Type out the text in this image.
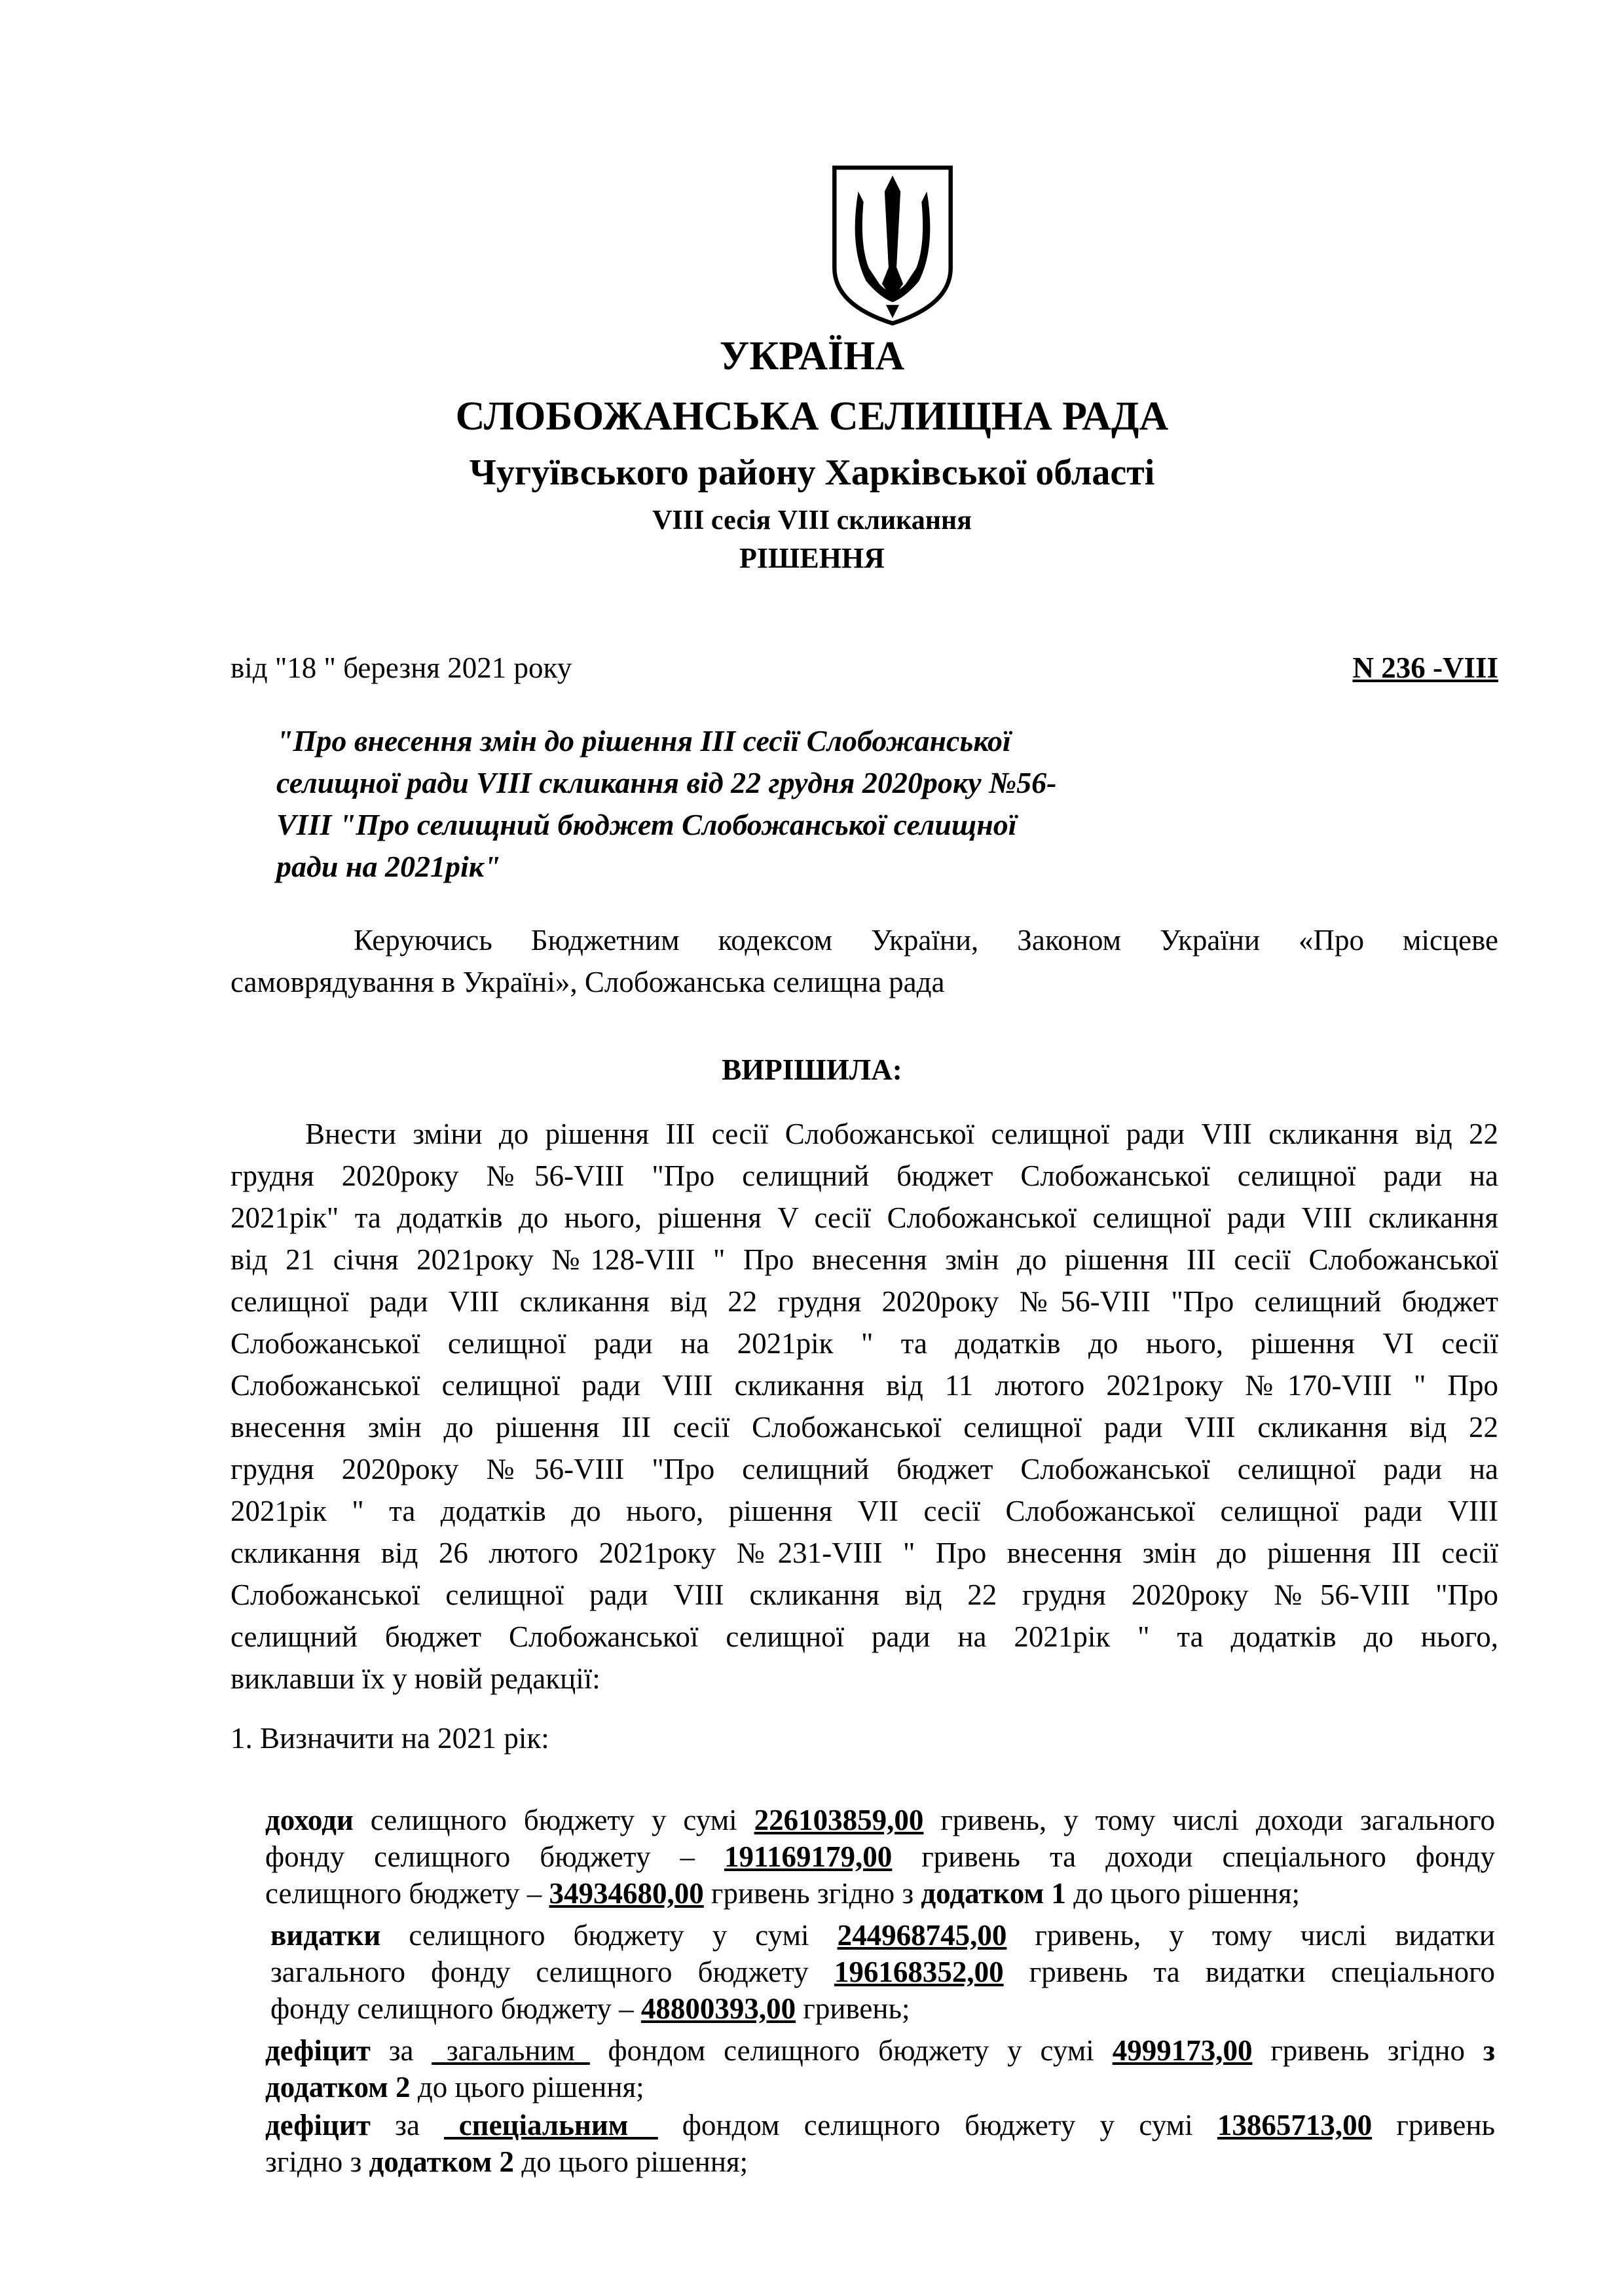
УКРАЇНА
СЛОБОЖАНСЬКА СЕЛИЩНА РАДА
Чугуївського району Харківської області
VIII сесія VIII скликання
РІШЕННЯ
від "18 " березня 2021 року	N 236 -VIII
"Про внесення змін до рішення ІІІ сесії Слобожанської
селищної ради VIII скликання від 22 грудня 2020року №56-
VIII "Про селищний бюджет Слобожанської селищної
ради на 2021рік"
Керуючись Бюджетним кодексом України, Законом України «Про місцеве
самоврядування в Україні», Слобожанська селищна рада
ВИРІШИЛА:
Внести зміни до рішення ІІІ сесії Слобожанської селищної ради VIII скликання від 22
грудня 2020року №56-VIII "Про селищний бюджет Слобожанської селищної ради на
2021рік" та додатків до нього, рішення V сесії Слобожанської селищної ради VIII скликання
від 21 січня 2021року №128-VIII " Про внесення змін до рішення ІІІ сесії Слобожанської
селищної ради VIII скликання від 22 грудня 2020року №56-VIII "Про селищний бюджет
Слобожанської селищної ради на 2021рік " та додатків до нього, рішення VI сесії
Слобожанської селищної ради VIII скликання від 11 лютого 2021року №170-VIII " Про
внесення змін до рішення ІІІ сесії Слобожанської селищної ради VIII скликання від 22
грудня 2020року №56-VIII "Про селищний бюджет Слобожанської селищної ради на
2021рік " та додатків до нього, рішення VII сесії Слобожанської селищної ради VIII
скликання від 26 лютого 2021року №231-VIII " Про внесення змін до рішення ІІІ сесії
Слобожанської селищної ради VIII скликання від 22 грудня 2020року №56-VIII "Про
селищний бюджет Слобожанської селищної ради на 2021рік " та додатків до нього,
виклавши їх у новій редакції:
1. Визначити на 2021 рік:
доходи селищного бюджету у сумі 226103859,00 гривень, у тому числі доходи загального
фонду селищного бюджету – 191169179,00 гривень та доходи спеціального фонду
селищного бюджету – 34934680,00 гривень згідно з додатком 1 до цього рішення;
видатки селищного бюджету у сумі 244968745,00 гривень, у тому числі видатки
загального фонду селищного бюджету 196168352,00 гривень та видатки спеціального
фонду селищного бюджету – 48800393,00 гривень;
дефіцит за _загальним_ фондом селищного бюджету у сумі 4999173,00 гривень згідно з
додатком 2 до цього рішення;
дефіцит за _спеціальним__ фондом селищного бюджету у сумі 13865713,00 гривень
згідно з додатком 2 до цього рішення;
